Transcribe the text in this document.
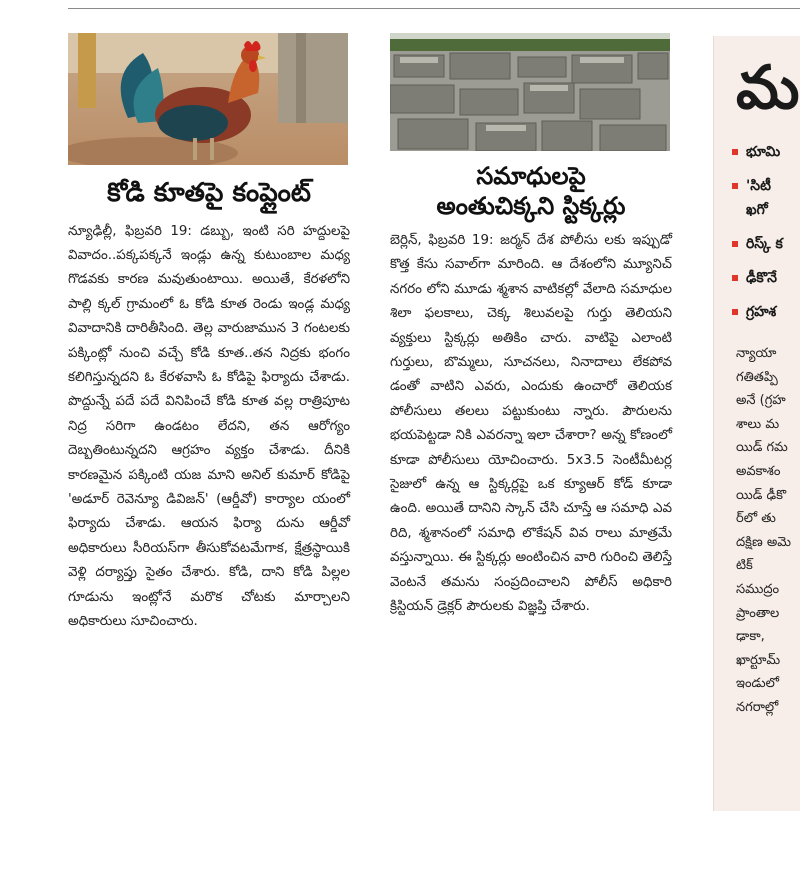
కోడి కూతపై కంప్లైంట్
న్యూఢిల్లీ, ఫిబ్రవరి 19: డబ్బు, ఇంటి సరి హద్దులపై వివాదం..పక్కపక్కనే ఇండ్లు ఉన్న కుటుంబాల మధ్య గొడవకు కారణ మవుతుంటాయి. అయితే, కేరళలోని పాల్లి క్కల్ గ్రామంలో ఓ కోడి కూత రెండు ఇండ్ల మధ్య వివాదానికి దారితీసింది. తెల్ల వారుజామున 3 గంటలకు పక్కింట్లో నుంచి వచ్చే కోడి కూత..తన నిద్రకు భంగం కలిగిస్తున్నదని ఓ కేరళవాసి ఓ కోడిపై ఫిర్యాదు చేశాడు. పొద్దున్నే పదే పదే వినిపించే కోడి కూత వల్ల రాత్రిపూట నిద్ర సరిగా ఉండటం లేదని, తన ఆరోగ్యం దెబ్బతింటున్నదని ఆగ్రహం వ్యక్తం చేశాడు. దీనికి కారణమైన పక్కింటి యజ మాని అనిల్ కుమార్ కోడిపై 'అడూర్ రెవెన్యూ డివిజన్' (ఆర్డీవో) కార్యాల యంలో ఫిర్యాదు చేశాడు. ఆయన ఫిర్యా దును ఆర్డీవో అధికారులు సీరియస్‌గా తీసుకోవటమేగాక, క్షేత్రస్థాయికి వెళ్లి దర్యాప్తు సైతం చేశారు. కోడి, దాని కోడి పిల్లల గూడును ఇంట్లోనే మరొక చోటకు మార్చాలని అధికారులు సూచించారు.
సమాధులపై
అంతుచిక్కని స్టిక్కర్లు
బెర్లిన్, ఫిబ్రవరి 19: జర్మన్ దేశ పోలీసు లకు ఇప్పుడో కొత్త కేసు సవాల్‌గా మారింది. ఆ దేశంలోని మ్యూనిచ్ నగరం లోని మూడు శ్మశాన వాటికల్లో వేలాది సమాధుల శిలా ఫలకాలు, చెక్క శిలువలపై గుర్తు తెలియని వ్యక్తులు స్టిక్కర్లు అతికిం చారు. వాటిపై ఎలాంటి గుర్తులు, బొమ్మలు, సూచనలు, నినాదాలు లేకపోవ డంతో వాటిని ఎవరు, ఎందుకు ఉంచారో తెలియక పోలీసులు తలలు పట్టుకుంటు న్నారు. పౌరులను భయపెట్టడా నికి ఎవరన్నా ఇలా చేశారా? అన్న కోణంలో కూడా పోలీసులు యోచించారు. 5x3.5 సెంటీమీటర్ల సైజులో ఉన్న ఆ స్టిక్కర్లపై ఒక క్యూఆర్ కోడ్ కూడా ఉంది. అయితే దానిని స్కాన్ చేసి చూస్తే ఆ సమాధి ఎవ రిది, శ్మశానంలో సమాధి లొకేషన్ వివ రాలు మాత్రమే వస్తున్నాయి. ఈ స్టిక్కర్లు అంటించిన వారి గురించి తెలిస్తే వెంటనే తమను సంప్రదించాలని పోలీస్ అధికారి క్రిస్టియన్ డ్రెక్లర్ పౌరులకు విజ్ఞప్తి చేశారు.
మ
భూమి
'సిటీ
ఖగో
రిస్క్ క
ఢీకొనే
గ్రహశ
న్యాయా
గతితప్పి
అనే (గ్రహ
శాలు మ
యిడ్ గమ
అవకాశం
యిడ్ ఢీకొ
ర్‌లో తు
దక్షిణ అమె
టిక్
సముద్రం
ప్రాంతాల
ఢాకా,
ఖార్టూమ్‌
ఇండులో
నగరాల్లో
